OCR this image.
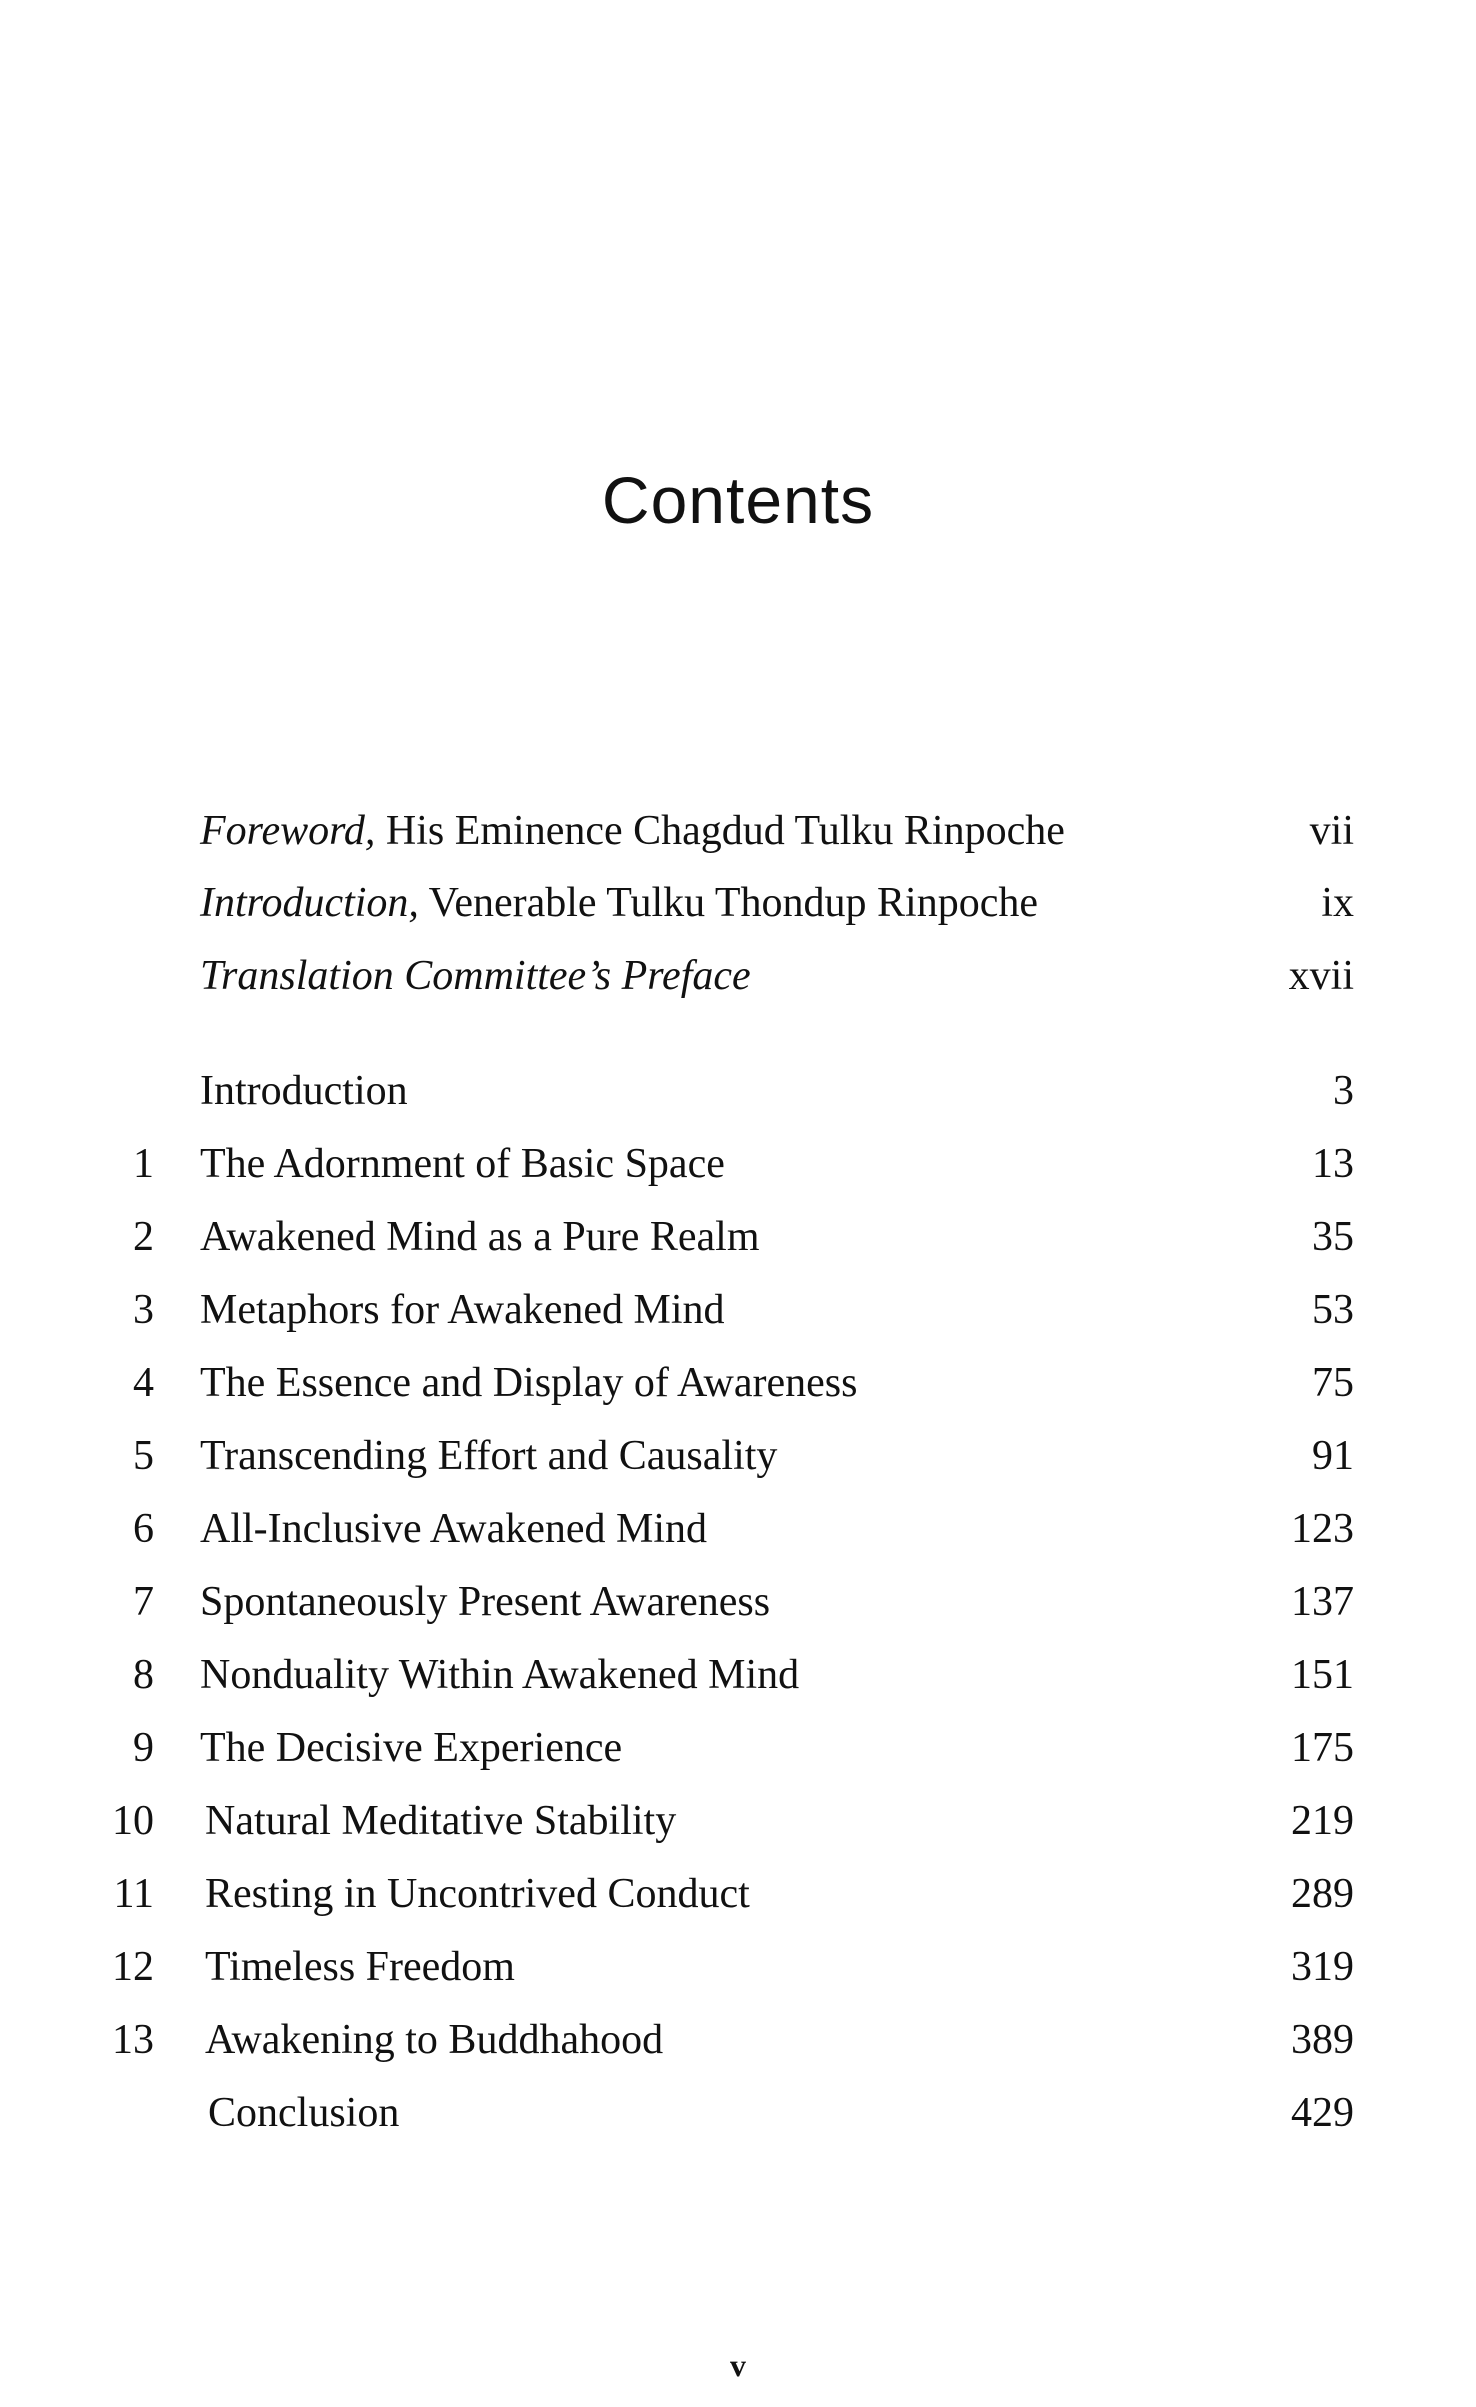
Contents
Foreword, His Eminence Chagdud Tulku Rinpoche	vii
Introduction, Venerable Tulku Thondup Rinpoche	ix
Translation Committee’s Preface	xvii
Introduction	3
1 The Adornment of Basic Space	13
2 Awakened Mind as a Pure Realm	35
3 Metaphors for Awakened Mind	53
4 The Essence and Display of Awareness	75
5 Transcending Effort and Causality	91
6 All-Inclusive Awakened Mind	123
7 Spontaneously Present Awareness	137
8 Nonduality Within Awakened Mind	151
9 The Decisive Experience	175
10 Natural Meditative Stability	219
11 Resting in Uncontrived Conduct	289
12 Timeless Freedom	319
13 Awakening to Buddhahood	389
Conclusion	429
v
